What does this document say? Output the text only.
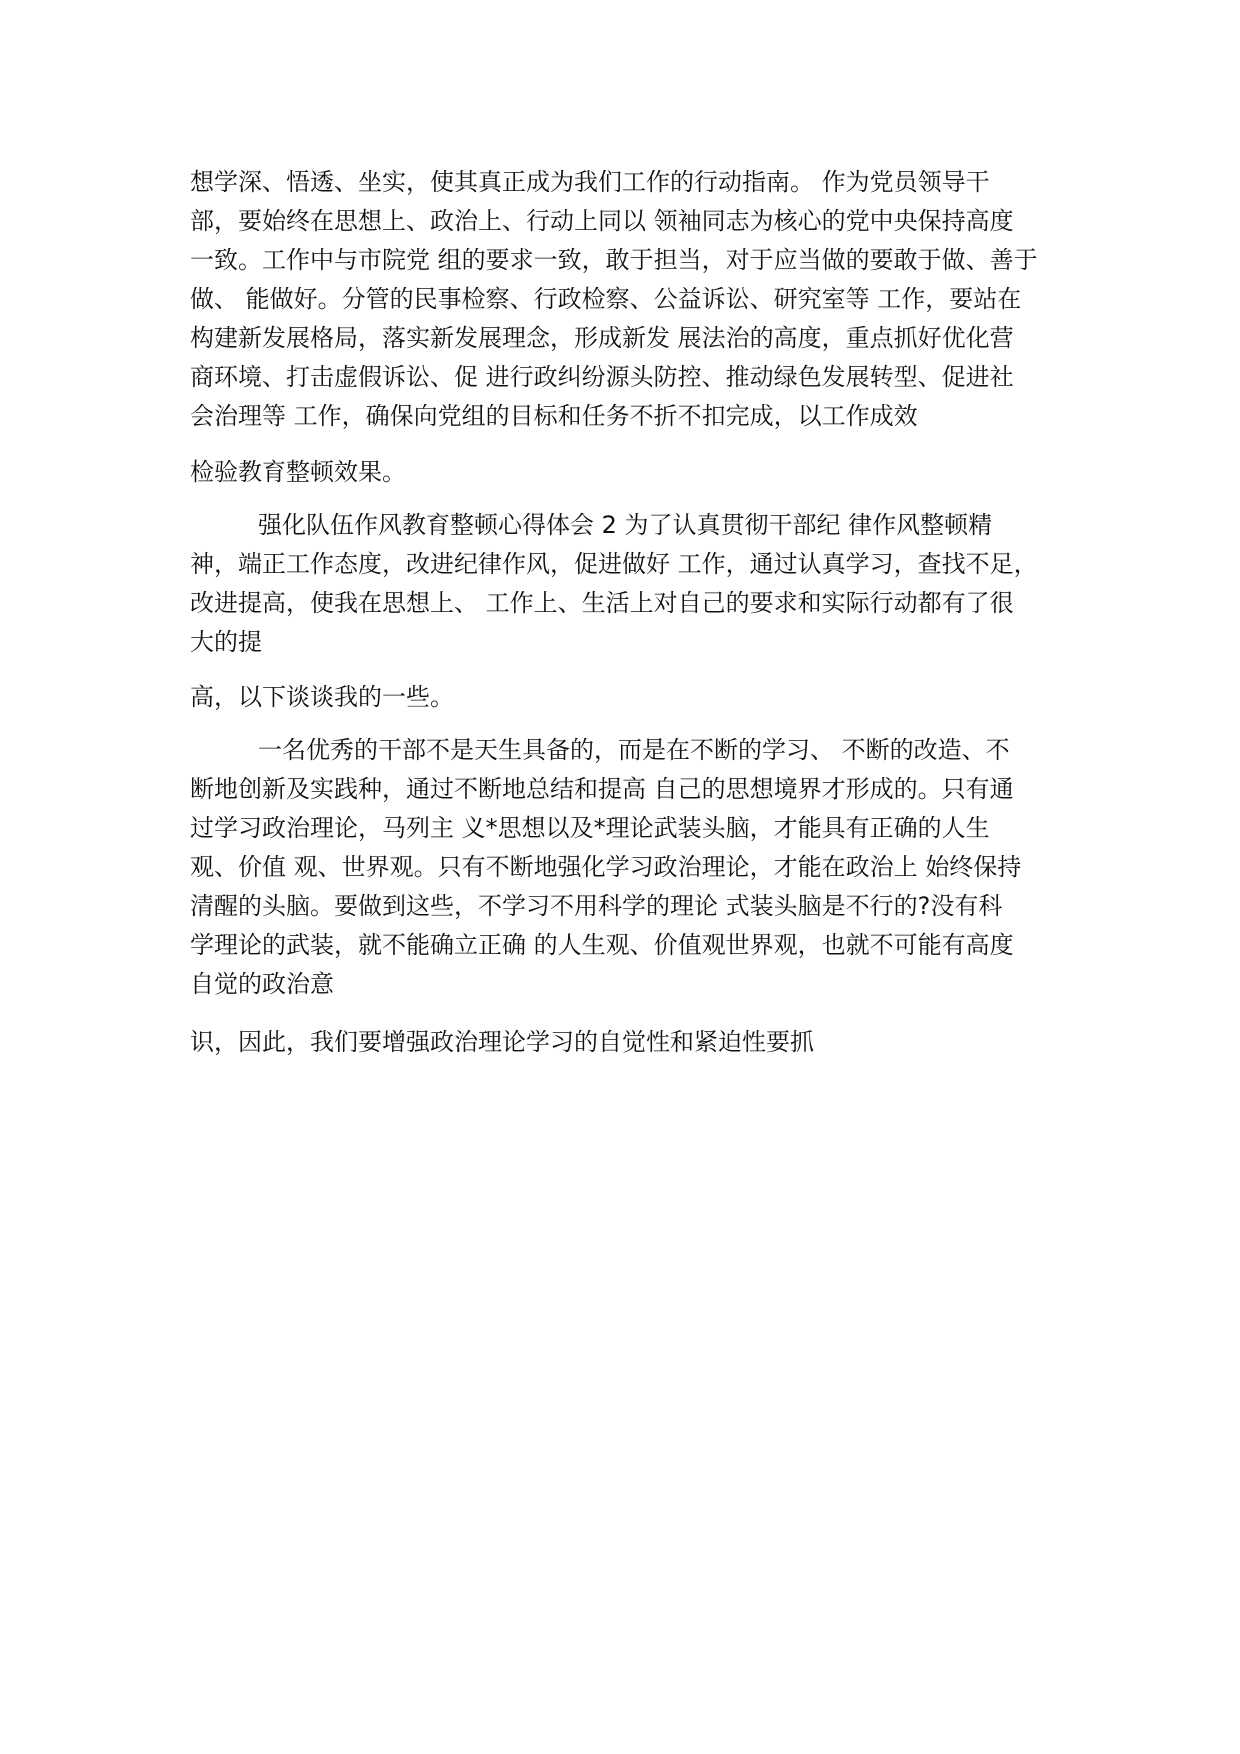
想学深、悟透、坐实，使其真正成为我们工作的行动指南。 作为党员领导干
部，要始终在思想上、政治上、行动上同以 领袖同志为核心的党中央保持高度
一致。工作中与市院党 组的要求一致，敢于担当，对于应当做的要敢于做、善于
做、 能做好。分管的民事检察、行政检察、公益诉讼、研究室等 工作，要站在
构建新发展格局，落实新发展理念，形成新发 展法治的高度，重点抓好优化营
商环境、打击虚假诉讼、促 进行政纠纷源头防控、推动绿色发展转型、促进社
会治理等 工作，确保向党组的目标和任务不折不扣完成，以工作成效
检验教育整顿效果。
强化队伍作风教育整顿心得体会 2 为了认真贯彻干部纪 律作风整顿精
神，端正工作态度，改进纪律作风，促进做好 工作，通过认真学习，查找不足，
改进提高，使我在思想上、 工作上、生活上对自己的要求和实际行动都有了很
大的提
高，以下谈谈我的一些。
一名优秀的干部不是天生具备的，而是在不断的学习、 不断的改造、不
断地创新及实践种，通过不断地总结和提高 自己的思想境界才形成的。只有通
过学习政治理论，马列主 义*思想以及*理论武装头脑，才能具有正确的人生
观、价值 观、世界观。只有不断地强化学习政治理论，才能在政治上 始终保持
清醒的头脑。要做到这些，不学习不用科学的理论 式装头脑是不行的?没有科
学理论的武装，就不能确立正确 的人生观、价值观世界观，也就不可能有高度
自觉的政治意
识，因此，我们要增强政治理论学习的自觉性和紧迫性要抓
